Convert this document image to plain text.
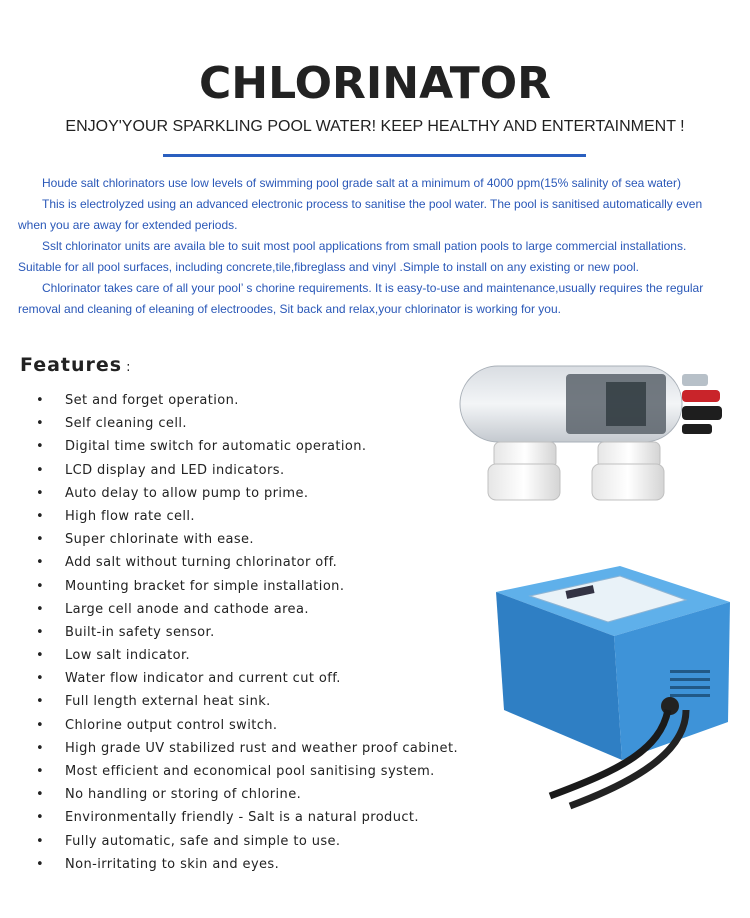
CHLORINATOR
ENJOY'YOUR SPARKLING POOL WATER! KEEP HEALTHY AND ENTERTAINMENT !
Houde salt chlorinators use low levels of swimming pool grade salt at a minimum of 4000 ppm(15% salinity of sea water)
This is electrolyzed using an advanced electronic process to sanitise the pool water. The pool is sanitised automatically even
when you are away for extended periods.
Sslt chlorinator units are availa ble to suit most pool applications from small pation pools to large commercial installations.
Suitable for all pool surfaces, including concrete,tile,fibreglass and vinyl .Simple to install on any existing or new pool.
Chlorinator takes care of all your pool’ s chorine requirements. It is easy-to-use and maintenance,usually requires the regular
removal and cleaning of eleaning of electroodes, Sit back and relax,your chlorinator is working for you.
Features :
• Set and forget operation.
• Self cleaning cell.
• Digital time switch for automatic operation.
• LCD display and LED indicators.
• Auto delay to allow pump to prime.
• High flow rate cell.
• Super chlorinate with ease.
• Add salt without turning chlorinator off.
• Mounting bracket for simple installation.
• Large cell anode and cathode area.
• Built-in safety sensor.
• Low salt indicator.
• Water flow indicator and current cut off.
• Full length external heat sink.
• Chlorine output control switch.
• High grade UV stabilized rust and weather proof cabinet.
• Most efficient and economical pool sanitising system.
• No handling or storing of chlorine.
• Environmentally friendly - Salt is a natural product.
• Fully automatic, safe and simple to use.
• Non-irritating to skin and eyes.
